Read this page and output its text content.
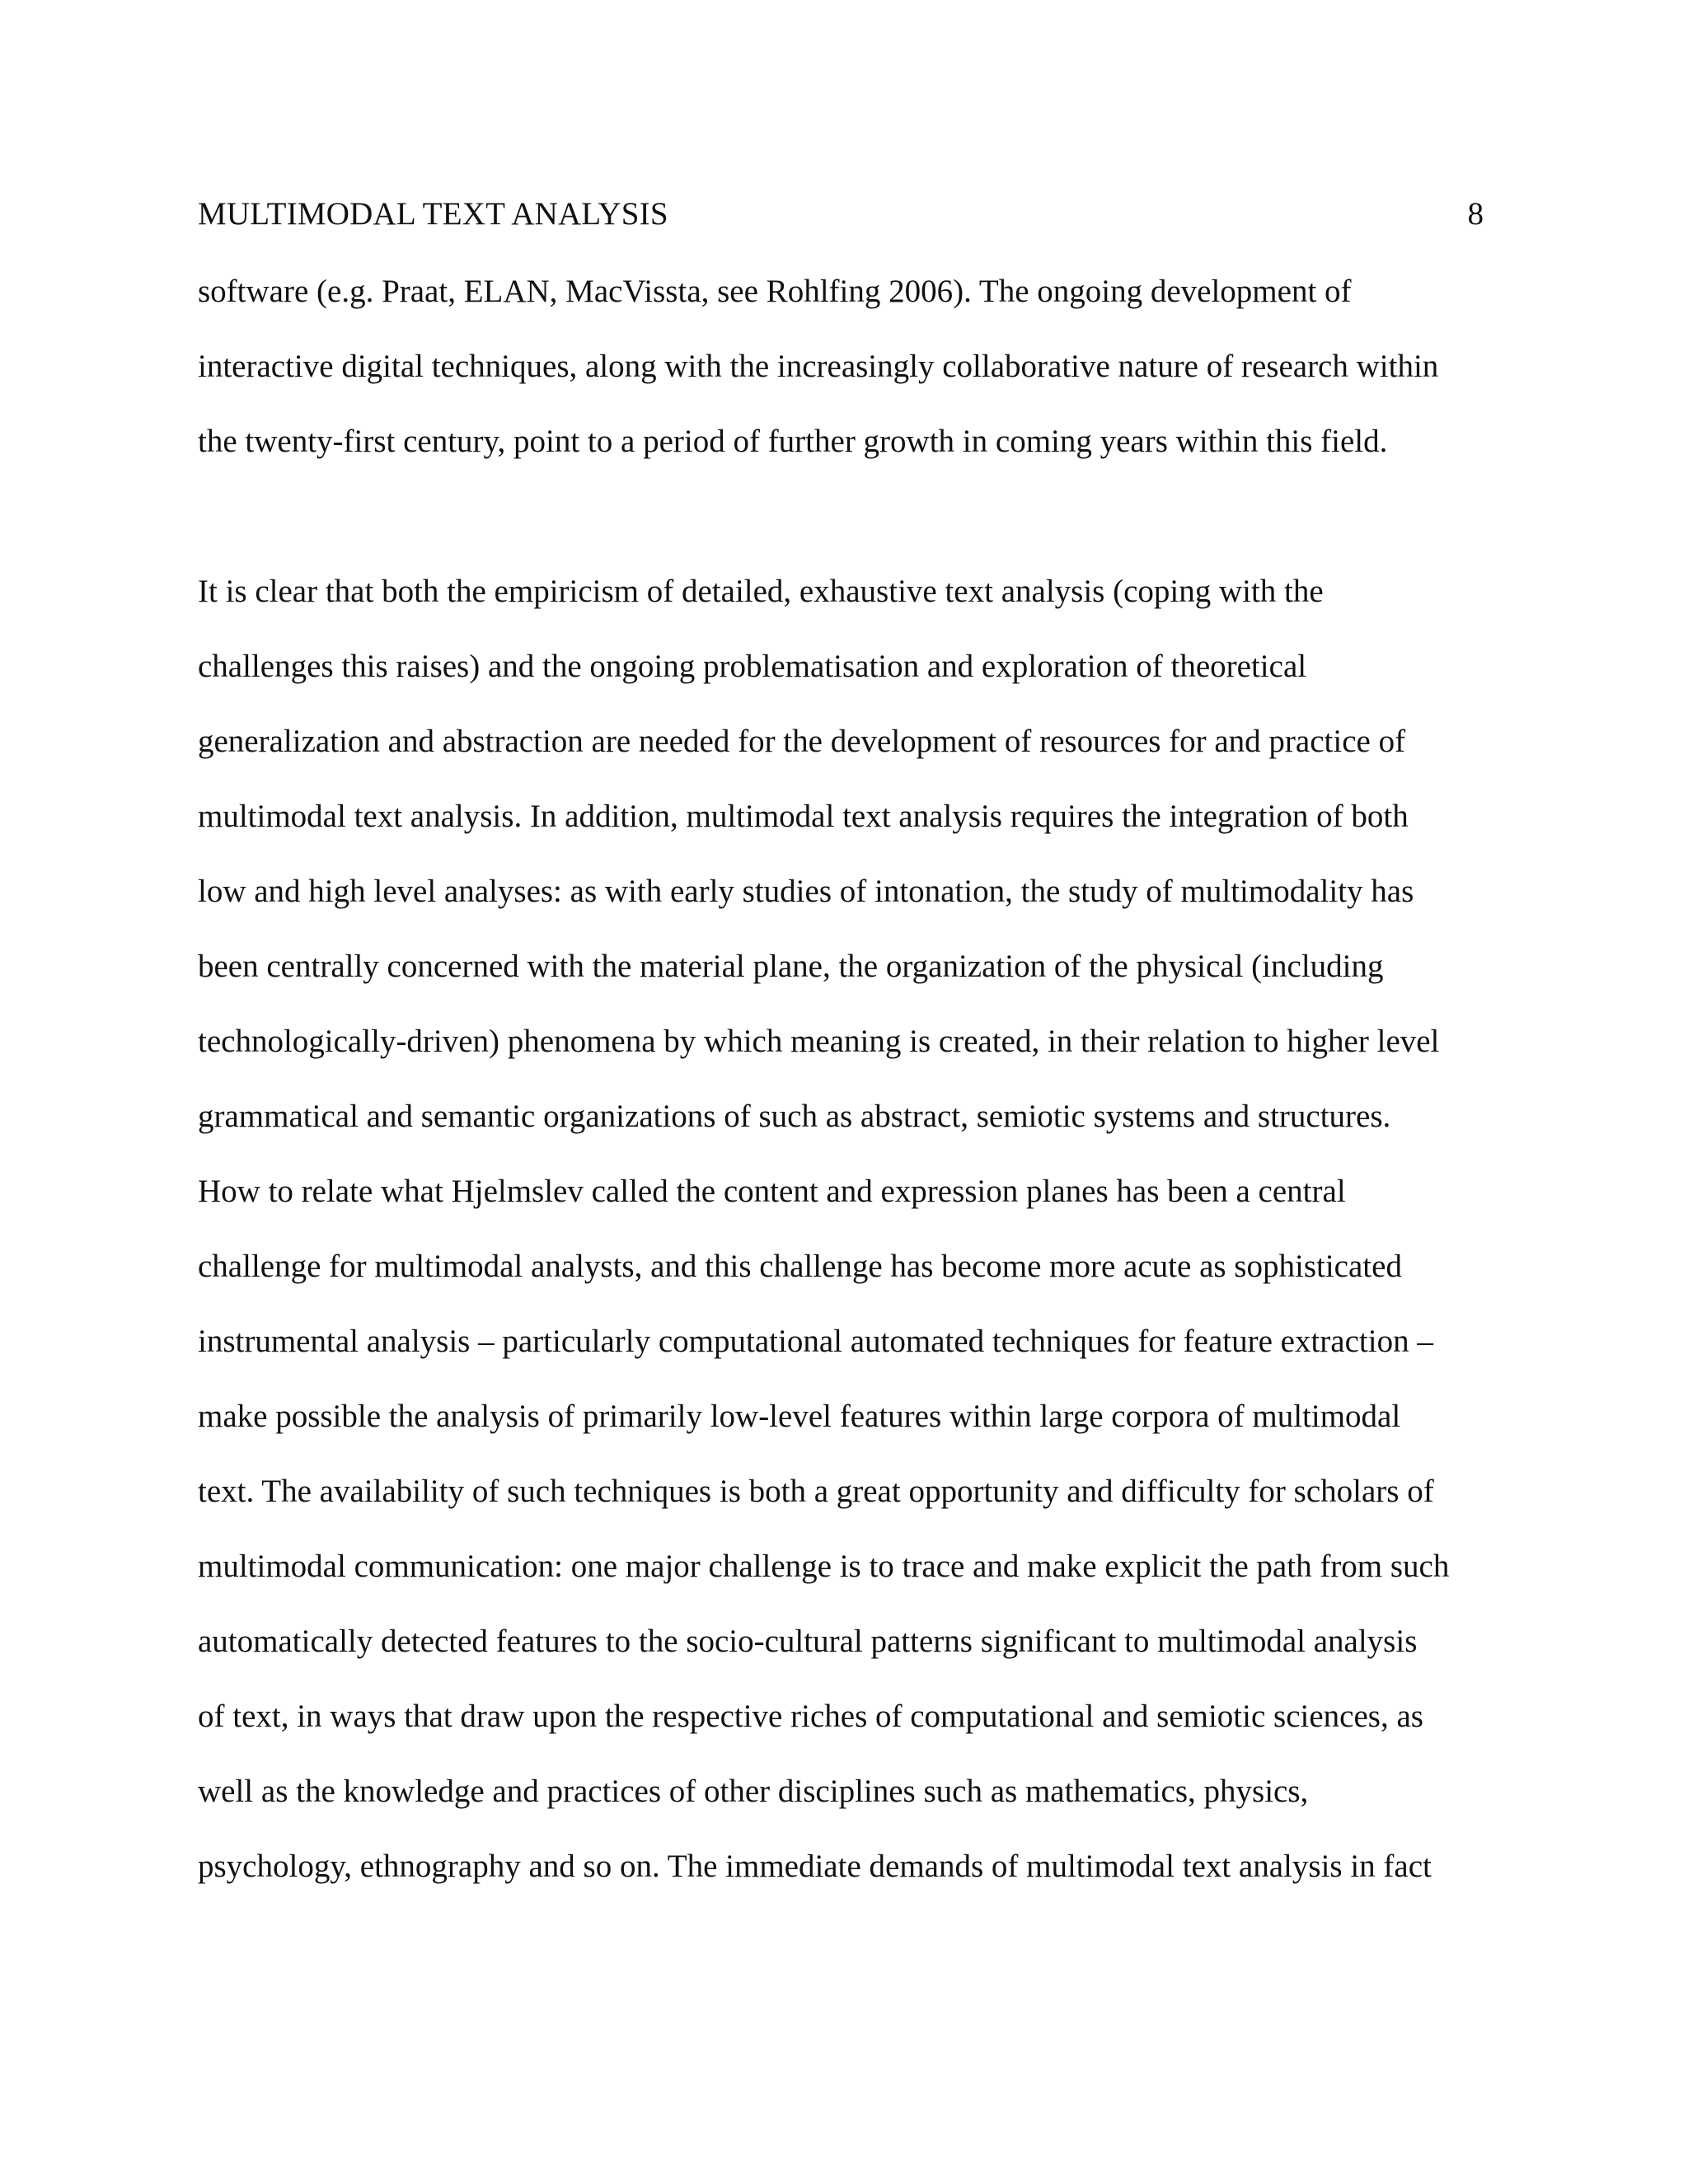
MULTIMODAL TEXT ANALYSIS	8
software (e.g. Praat, ELAN, MacVissta, see Rohlfing 2006). The ongoing development of
interactive digital techniques, along with the increasingly collaborative nature of research within
the twenty-first century, point to a period of further growth in coming years within this field.
It is clear that both the empiricism of detailed, exhaustive text analysis (coping with the
challenges this raises) and the ongoing problematisation and exploration of theoretical
generalization and abstraction are needed for the development of resources for and practice of
multimodal text analysis. In addition, multimodal text analysis requires the integration of both
low and high level analyses: as with early studies of intonation, the study of multimodality has
been centrally concerned with the material plane, the organization of the physical (including
technologically-driven) phenomena by which meaning is created, in their relation to higher level
grammatical and semantic organizations of such as abstract, semiotic systems and structures.
How to relate what Hjelmslev called the content and expression planes has been a central
challenge for multimodal analysts, and this challenge has become more acute as sophisticated
instrumental analysis – particularly computational automated techniques for feature extraction –
make possible the analysis of primarily low-level features within large corpora of multimodal
text. The availability of such techniques is both a great opportunity and difficulty for scholars of
multimodal communication: one major challenge is to trace and make explicit the path from such
automatically detected features to the socio-cultural patterns significant to multimodal analysis
of text, in ways that draw upon the respective riches of computational and semiotic sciences, as
well as the knowledge and practices of other disciplines such as mathematics, physics,
psychology, ethnography and so on. The immediate demands of multimodal text analysis in fact
